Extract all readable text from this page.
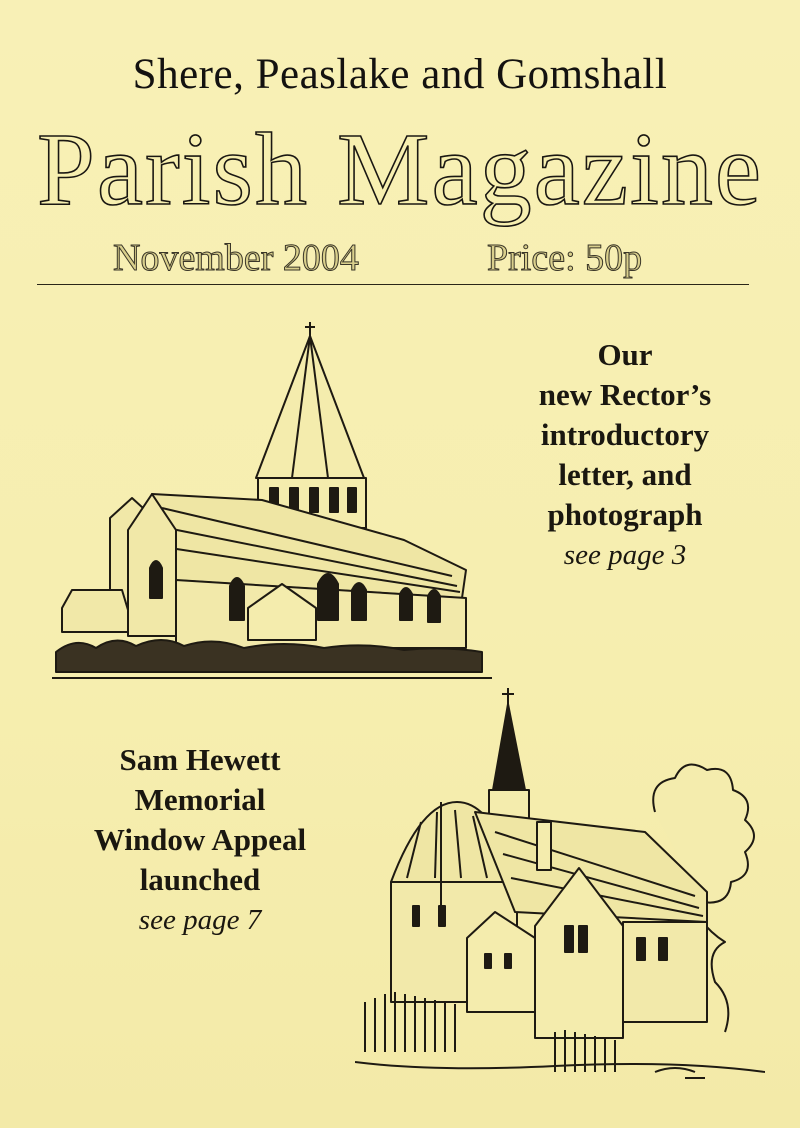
Shere, Peaslake and Gomshall
Parish Magazine
November 2004	Price: 50p
Our
new Rector’s
introductory
letter, and
photograph
see page 3
Sam Hewett
Memorial
Window Appeal
launched
see page 7
